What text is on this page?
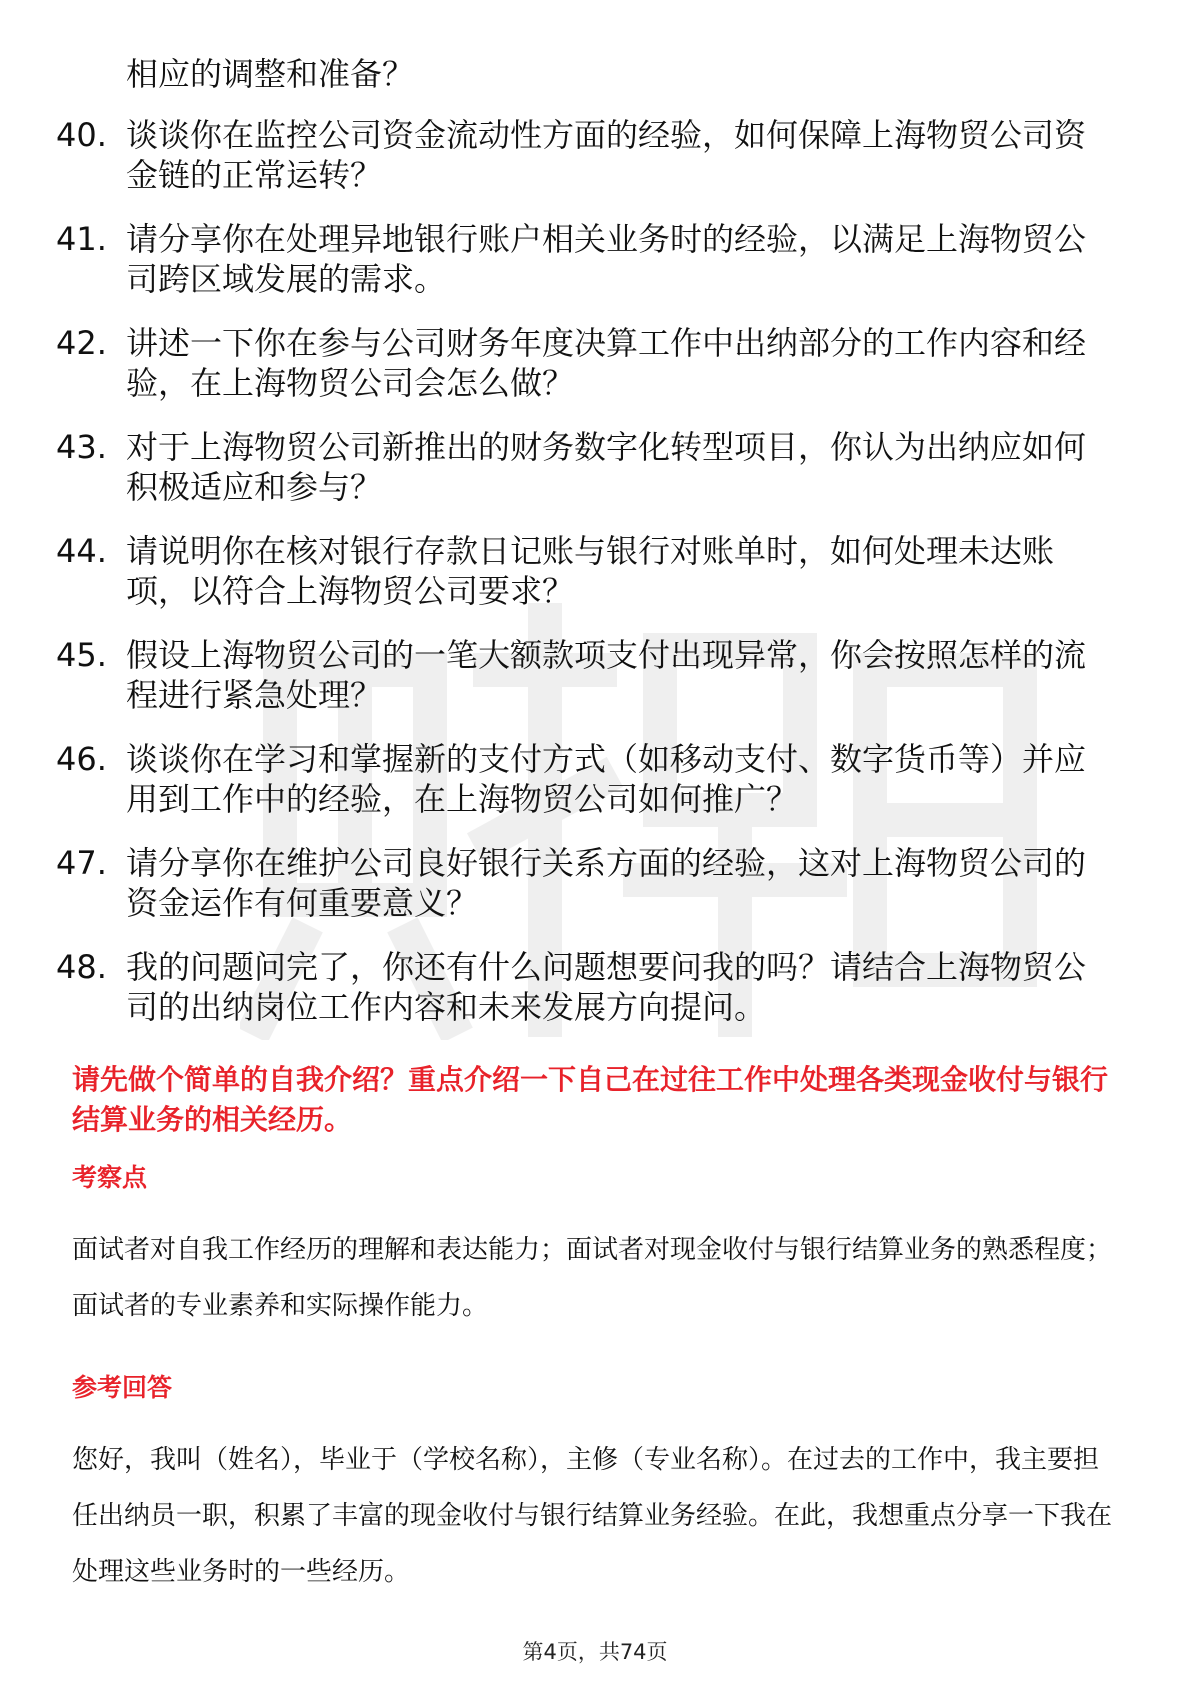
相应的调整和准备？
40. 谈谈你在监控公司资金流动性方面的经验，如何保障上海物贸公司资金链的正常运转？
41. 请分享你在处理异地银行账户相关业务时的经验，以满足上海物贸公司跨区域发展的需求。
42. 讲述一下你在参与公司财务年度决算工作中出纳部分的工作内容和经验，在上海物贸公司会怎么做？
43. 对于上海物贸公司新推出的财务数字化转型项目，你认为出纳应如何积极适应和参与？
44. 请说明你在核对银行存款日记账与银行对账单时，如何处理未达账项，以符合上海物贸公司要求？
45. 假设上海物贸公司的一笔大额款项支付出现异常，你会按照怎样的流程进行紧急处理？
46. 谈谈你在学习和掌握新的支付方式（如移动支付、数字货币等）并应用到工作中的经验，在上海物贸公司如何推广？
47. 请分享你在维护公司良好银行关系方面的经验，这对上海物贸公司的资金运作有何重要意义？
48. 我的问题问完了，你还有什么问题想要问我的吗？请结合上海物贸公司的出纳岗位工作内容和未来发展方向提问。
请先做个简单的自我介绍？重点介绍一下自己在过往工作中处理各类现金收付与银行结算业务的相关经历。
考察点
面试者对自我工作经历的理解和表达能力；面试者对现金收付与银行结算业务的熟悉程度；面试者的专业素养和实际操作能力。
参考回答
您好，我叫（姓名），毕业于（学校名称），主修（专业名称）。在过去的工作中，我主要担任出纳员一职，积累了丰富的现金收付与银行结算业务经验。在此，我想重点分享一下我在处理这些业务时的一些经历。
第4页，共74页
